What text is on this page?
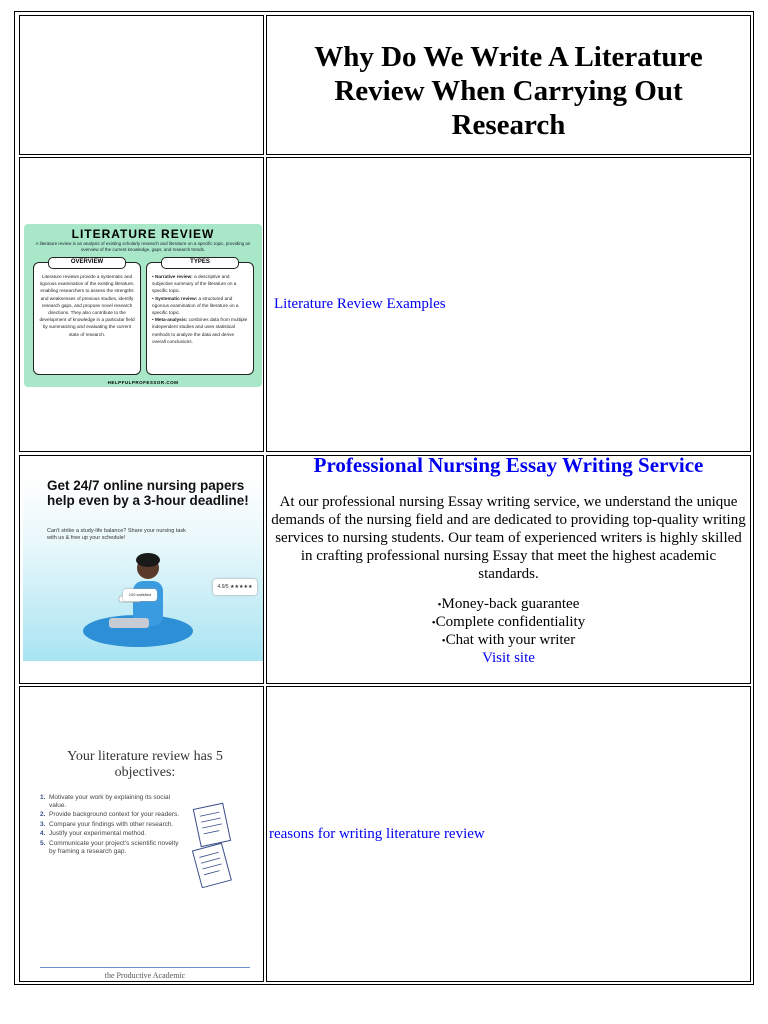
Why Do We Write A Literature Review When Carrying Out Research
LITERATURE REVIEW
A literature review is an analysis of existing scholarly research and literature on a specific topic, providing an overview of the current knowledge, gaps, and research trends.
OVERVIEW
Literature reviews provide a systematic and rigorous examination of the existing literature, enabling researchers to assess the strengths and weaknesses of previous studies, identify research gaps, and propose novel research directions. They also contribute to the development of knowledge in a particular field by summarizing and evaluating the current state of research.
TYPES
• Narrative review: a descriptive and subjective summary of the literature on a specific topic.
• Systematic review: a structured and rigorous examination of the literature on a specific topic.
• Meta-analysis: combines data from multiple independent studies and uses statistical methods to analyze the data and derive overall conclusions.
HELPFULPROFESSOR.COM
Literature Review Examples
Get 24/7 online nursing papers help even by a 3-hour deadline!
Can't strike a study-life balance? Share your nursing task with us & free up your schedule!
100 satisfied
4.9/5 ★★★★★
Professional Nursing Essay Writing Service
At our professional nursing Essay writing service, we understand the unique demands of the nursing field and are dedicated to providing top-quality writing services to nursing students. Our team of experienced writers is highly skilled in crafting professional nursing Essay that meet the highest academic standards.
• Money-back guarantee
• Complete confidentiality
• Chat with your writer
Visit site
Your literature review has 5 objectives:
1. Motivate your work by explaining its social value.
2. Provide background context for your readers.
3. Compare your findings with other research.
4. Justify your experimental method.
5. Communicate your project's scientific novelty by framing a research gap.
the Productive Academic
reasons for writing literature review
